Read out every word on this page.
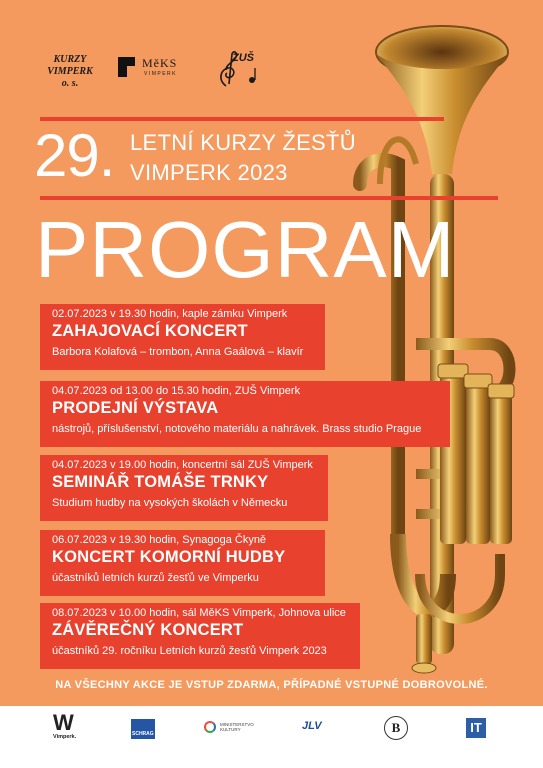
KURZY
VIMPERK
o. s.
MěKS
VIMPERK
ZUŠ
29. LETNÍ KURZY ŽESŤŮ
VIMPERK 2023
PROGRAM
02.07.2023 v 19.30 hodin, kaple zámku Vimperk
ZAHAJOVACÍ KONCERT
Barbora Kolafová – trombon, Anna Gaálová – klavír
04.07.2023 od 13.00 do 15.30 hodin, ZUŠ Vimperk
PRODEJNÍ VÝSTAVA
nástrojů, příslušenství, notového materiálu a nahrávek. Brass studio Prague
04.07.2023 v 19.00 hodin, koncertní sál ZUŠ Vimperk
SEMINÁŘ TOMÁŠE TRNKY
Studium hudby na vysokých školách v Německu
06.07.2023 v 19.30 hodin, Synagoga Čkyně
KONCERT KOMORNÍ HUDBY
účastníků letních kurzů žesťů ve Vimperku
08.07.2023 v 10.00 hodin, sál MěKS Vimperk, Johnova ulice
ZÁVĚREČNÝ KONCERT
účastníků 29. ročníku Letních kurzů žesťů Vimperk 2023
NA VŠECHNY AKCE JE VSTUP ZDARMA, PŘÍPADNÉ VSTUPNÉ DOBROVOLNÉ.
W
Vimperk.	SCHRAG
MINISTERSTVO
KULTURY	JLV	B	IT
